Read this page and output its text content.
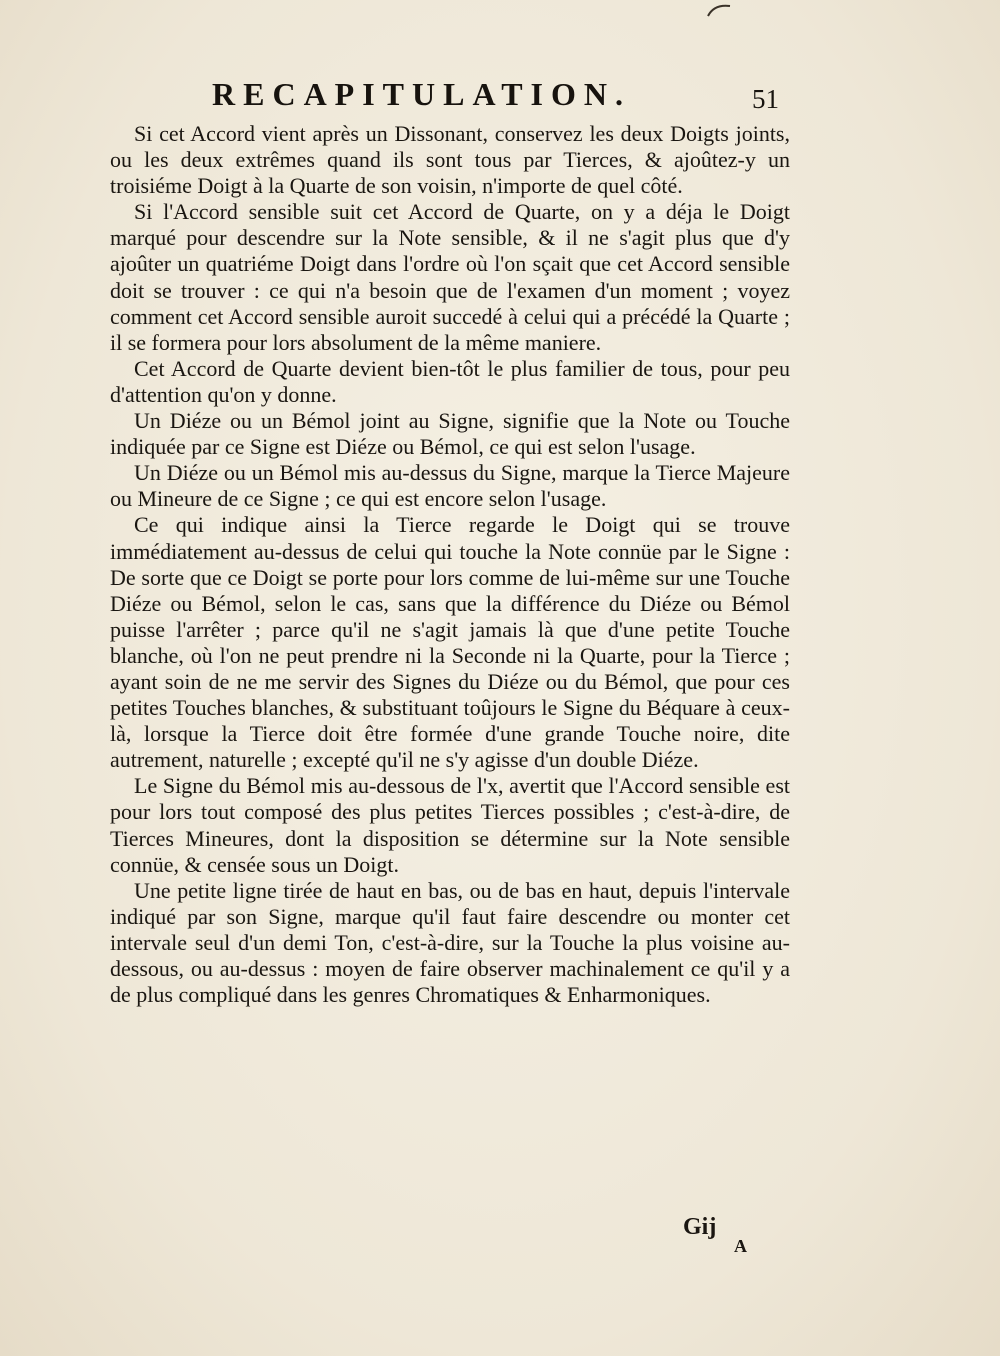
RECAPITULATION.	51

Si cet Accord vient après un Dissonant, conservez les deux Doigts joints, ou les deux extrêmes quand ils sont tous par Tierces, & ajoûtez-y un troisiéme Doigt à la Quarte de son voisin, n'importe de quel côté.

Si l'Accord sensible suit cet Accord de Quarte, on y a déja le Doigt marqué pour descendre sur la Note sensible, & il ne s'agit plus que d'y ajoûter un quatriéme Doigt dans l'ordre où l'on sçait que cet Accord sensible doit se trouver : ce qui n'a besoin que de l'examen d'un moment ; voyez comment cet Accord sensible auroit succedé à celui qui a précédé la Quarte ; il se formera pour lors absolument de la même maniere.

Cet Accord de Quarte devient bien-tôt le plus familier de tous, pour peu d'attention qu'on y donne.

Un Diéze ou un Bémol joint au Signe, signifie que la Note ou Touche indiquée par ce Signe est Diéze ou Bémol, ce qui est selon l'usage.

Un Diéze ou un Bémol mis au-dessus du Signe, marque la Tierce Majeure ou Mineure de ce Signe ; ce qui est encore selon l'usage.

Ce qui indique ainsi la Tierce regarde le Doigt qui se trouve immédiatement au-dessus de celui qui touche la Note connüe par le Signe : De sorte que ce Doigt se porte pour lors comme de lui-même sur une Touche Diéze ou Bémol, selon le cas, sans que la différence du Diéze ou Bémol puisse l'arrêter ; parce qu'il ne s'agit jamais là que d'une petite Touche blanche, où l'on ne peut prendre ni la Seconde ni la Quarte, pour la Tierce ; ayant soin de ne me servir des Signes du Diéze ou du Bémol, que pour ces petites Touches blanches, & substituant toûjours le Signe du Béquare à ceux-là, lorsque la Tierce doit être formée d'une grande Touche noire, dite autrement, naturelle ; excepté qu'il ne s'y agisse d'un double Diéze.

Le Signe du Bémol mis au-dessous de l'x, avertit que l'Accord sensible est pour lors tout composé des plus petites Tierces possibles ; c'est-à-dire, de Tierces Mineures, dont la disposition se détermine sur la Note sensible connüe, & censée sous un Doigt.

Une petite ligne tirée de haut en bas, ou de bas en haut, depuis l'intervale indiqué par son Signe, marque qu'il faut faire descendre ou monter cet intervale seul d'un demi Ton, c'est-à-dire, sur la Touche la plus voisine au-dessous, ou au-dessus : moyen de faire observer machinalement ce qu'il y a de plus compliqué dans les genres Chromatiques & Enharmoniques.

Gij
A
